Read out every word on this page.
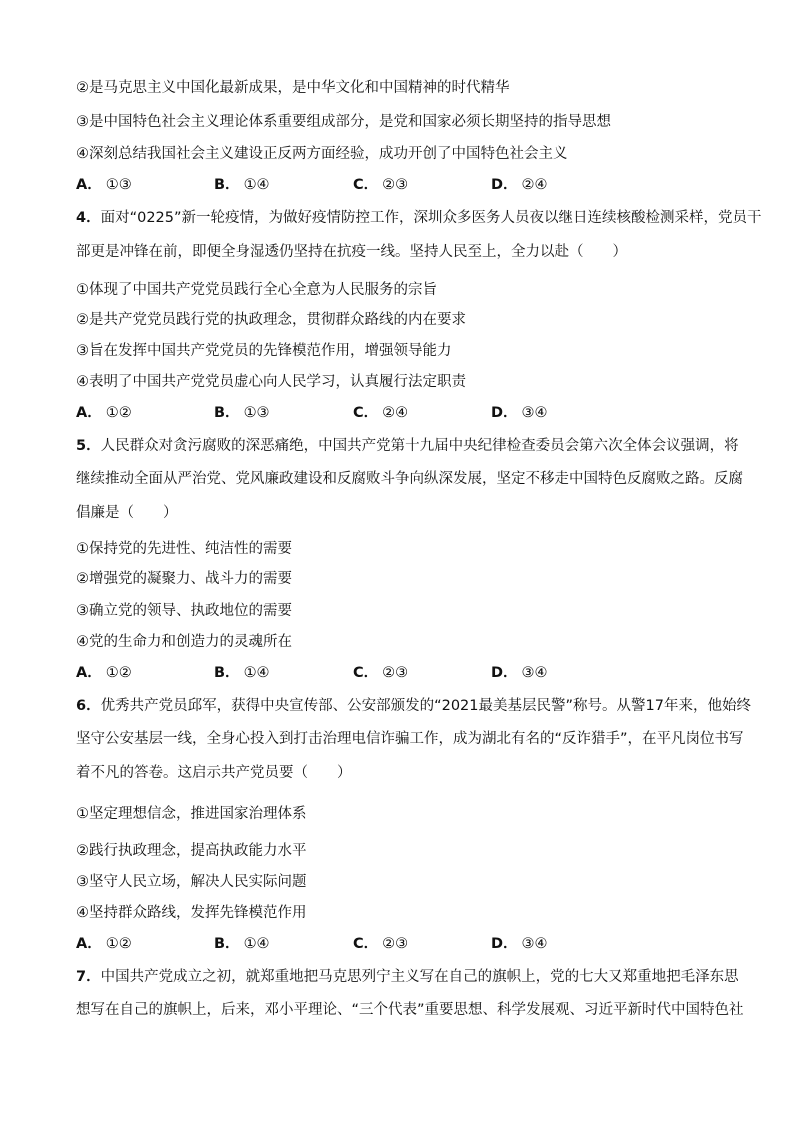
②是马克思主义中国化最新成果，是中华文化和中国精神的时代精华
③是中国特色社会主义理论体系重要组成部分，是党和国家必须长期坚持的指导思想
④深刻总结我国社会主义建设正反两方面经验，成功开创了中国特色社会主义
A． ①③	B． ①④	C． ②③	D． ②④
4．面对“0225”新一轮疫情，为做好疫情防控工作，深圳众多医务人员夜以继日连续核酸检测采样，党员干
部更是冲锋在前，即便全身湿透仍坚持在抗疫一线。坚持人民至上，全力以赴（　　）
①体现了中国共产党党员践行全心全意为人民服务的宗旨
②是共产党党员践行党的执政理念，贯彻群众路线的内在要求
③旨在发挥中国共产党党员的先锋模范作用，增强领导能力
④表明了中国共产党党员虚心向人民学习，认真履行法定职责
A． ①②	B． ①③	C． ②④	D． ③④
5．人民群众对贪污腐败的深恶痛绝，中国共产党第十九届中央纪律检查委员会第六次全体会议强调，将
继续推动全面从严治党、党风廉政建设和反腐败斗争向纵深发展，坚定不移走中国特色反腐败之路。反腐
倡廉是（　　）
①保持党的先进性、纯洁性的需要
②增强党的凝聚力、战斗力的需要
③确立党的领导、执政地位的需要
④党的生命力和创造力的灵魂所在
A． ①②	B． ①④	C． ②③	D． ③④
6．优秀共产党员邱军，获得中央宣传部、公安部颁发的“2021最美基层民警”称号。从警17年来，他始终
坚守公安基层一线，全身心投入到打击治理电信诈骗工作，成为湖北有名的“反诈猎手”，在平凡岗位书写
着不凡的答卷。这启示共产党员要（　　）
①坚定理想信念，推进国家治理体系
②践行执政理念，提高执政能力水平
③坚守人民立场，解决人民实际问题
④坚持群众路线，发挥先锋模范作用
A． ①②	B． ①④	C． ②③	D． ③④
7．中国共产党成立之初，就郑重地把马克思列宁主义写在自己的旗帜上，党的七大又郑重地把毛泽东思
想写在自己的旗帜上，后来，邓小平理论、“三个代表”重要思想、科学发展观、习近平新时代中国特色社
